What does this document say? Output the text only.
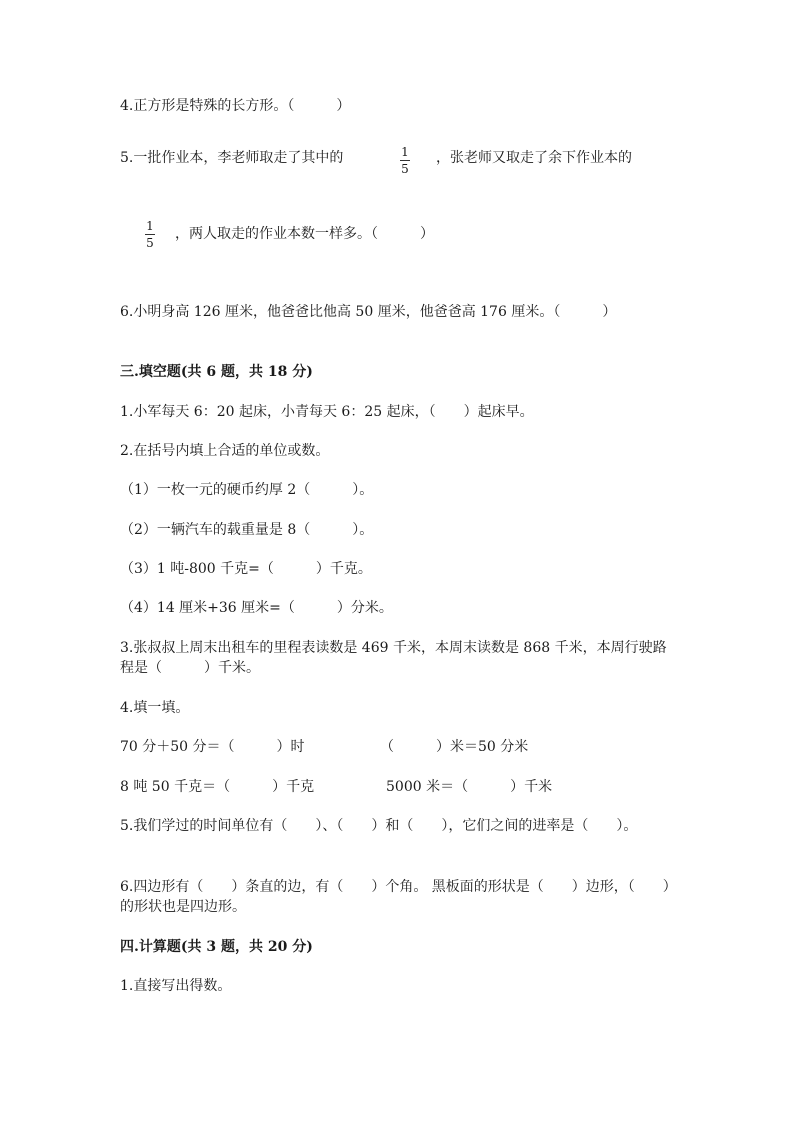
4.正方形是特殊的长方形。（　　　）
5.一批作业本，李老师取走了其中的	1
5
，张老师又取走了余下作业本的
1
5
，两人取走的作业本数一样多。（　　　）
6.小明身高 126 厘米，他爸爸比他高 50 厘米，他爸爸高 176 厘米。（　　　）
三.填空题(共 6 题，共 18 分)
1.小军每天 6：20 起床，小青每天 6：25 起床，（　　）起床早。
2.在括号内填上合适的单位或数。
（1）一枚一元的硬币约厚 2（　　　）。
（2）一辆汽车的载重量是 8（　　　）。
（3）1 吨-800 千克=（　　　）千克。
（4）14 厘米+36 厘米=（　　　）分米。
3.张叔叔上周末出租车的里程表读数是 469 千米，本周末读数是 868 千米，本周行驶路程是（　　　）千米。
4.填一填。
70 分＋50 分＝（　　　）时	（　　　）米＝50 分米
8 吨 50 千克＝（　　　）千克	5000 米＝（　　　）千米
5.我们学过的时间单位有（　　）、（　　）和（　　），它们之间的进率是（　　）。
6.四边形有（　　）条直的边，有（　　）个角。 黑板面的形状是（　　）边形，（　　）的形状也是四边形。
四.计算题(共 3 题，共 20 分)
1.直接写出得数。
